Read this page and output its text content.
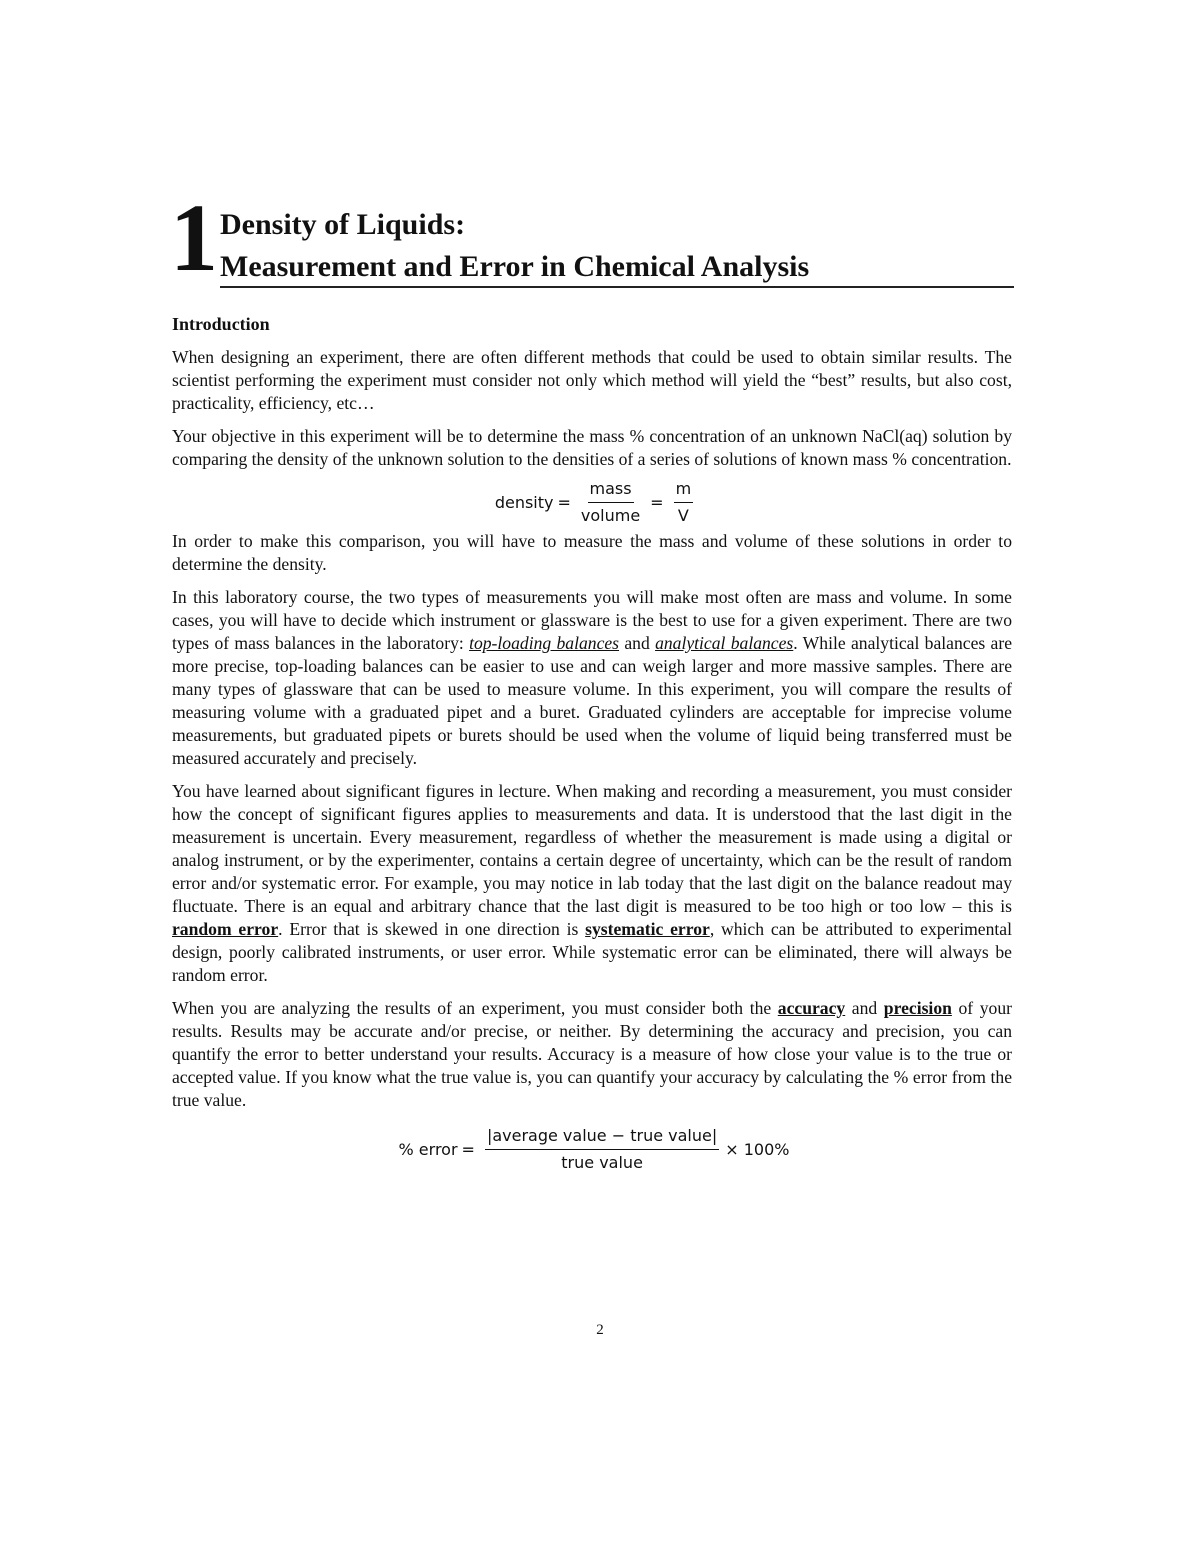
1 Density of Liquids:
Measurement and Error in Chemical Analysis
Introduction

When designing an experiment, there are often different methods that could be used to obtain similar results. The scientist performing the experiment must consider not only which method will yield the “best” results, but also cost, practicality, efficiency, etc…

Your objective in this experiment will be to determine the mass % concentration of an unknown NaCl(aq) solution by comparing the density of the unknown solution to the densities of a series of solutions of known mass % concentration.

density = $\frac{\text{mass}}{\text{volume}} = \frac{m}{V}$

In order to make this comparison, you will have to measure the mass and volume of these solutions in order to determine the density.

In this laboratory course, the two types of measurements you will make most often are mass and volume. In some cases, you will have to decide which instrument or glassware is the best to use for a given experiment. There are two types of mass balances in the laboratory: top-loading balances and analytical balances. While analytical balances are more precise, top-loading balances can be easier to use and can weigh larger and more massive samples. There are many types of glassware that can be used to measure volume. In this experiment, you will compare the results of measuring volume with a graduated pipet and a buret. Graduated cylinders are acceptable for imprecise volume measurements, but graduated pipets or burets should be used when the volume of liquid being transferred must be measured accurately and precisely.

You have learned about significant figures in lecture. When making and recording a measurement, you must consider how the concept of significant figures applies to measurements and data. It is understood that the last digit in the measurement is uncertain. Every measurement, regardless of whether the measurement is made using a digital or analog instrument, or by the experimenter, contains a certain degree of uncertainty, which can be the result of random error and/or systematic error. For example, you may notice in lab today that the last digit on the balance readout may fluctuate. There is an equal and arbitrary chance that the last digit is measured to be too high or too low – this is random error. Error that is skewed in one direction is systematic error, which can be attributed to experimental design, poorly calibrated instruments, or user error. While systematic error can be eliminated, there will always be random error.

When you are analyzing the results of an experiment, you must consider both the accuracy and precision of your results. Results may be accurate and/or precise, or neither. By determining the accuracy and precision, you can quantify the error to better understand your results. Accuracy is a measure of how close your value is to the true or accepted value. If you know what the true value is, you can quantify your accuracy by calculating the % error from the true value.

% error = $\frac{\text{|average value − true value|}}{\text{true value}} \times 100\%$
2
